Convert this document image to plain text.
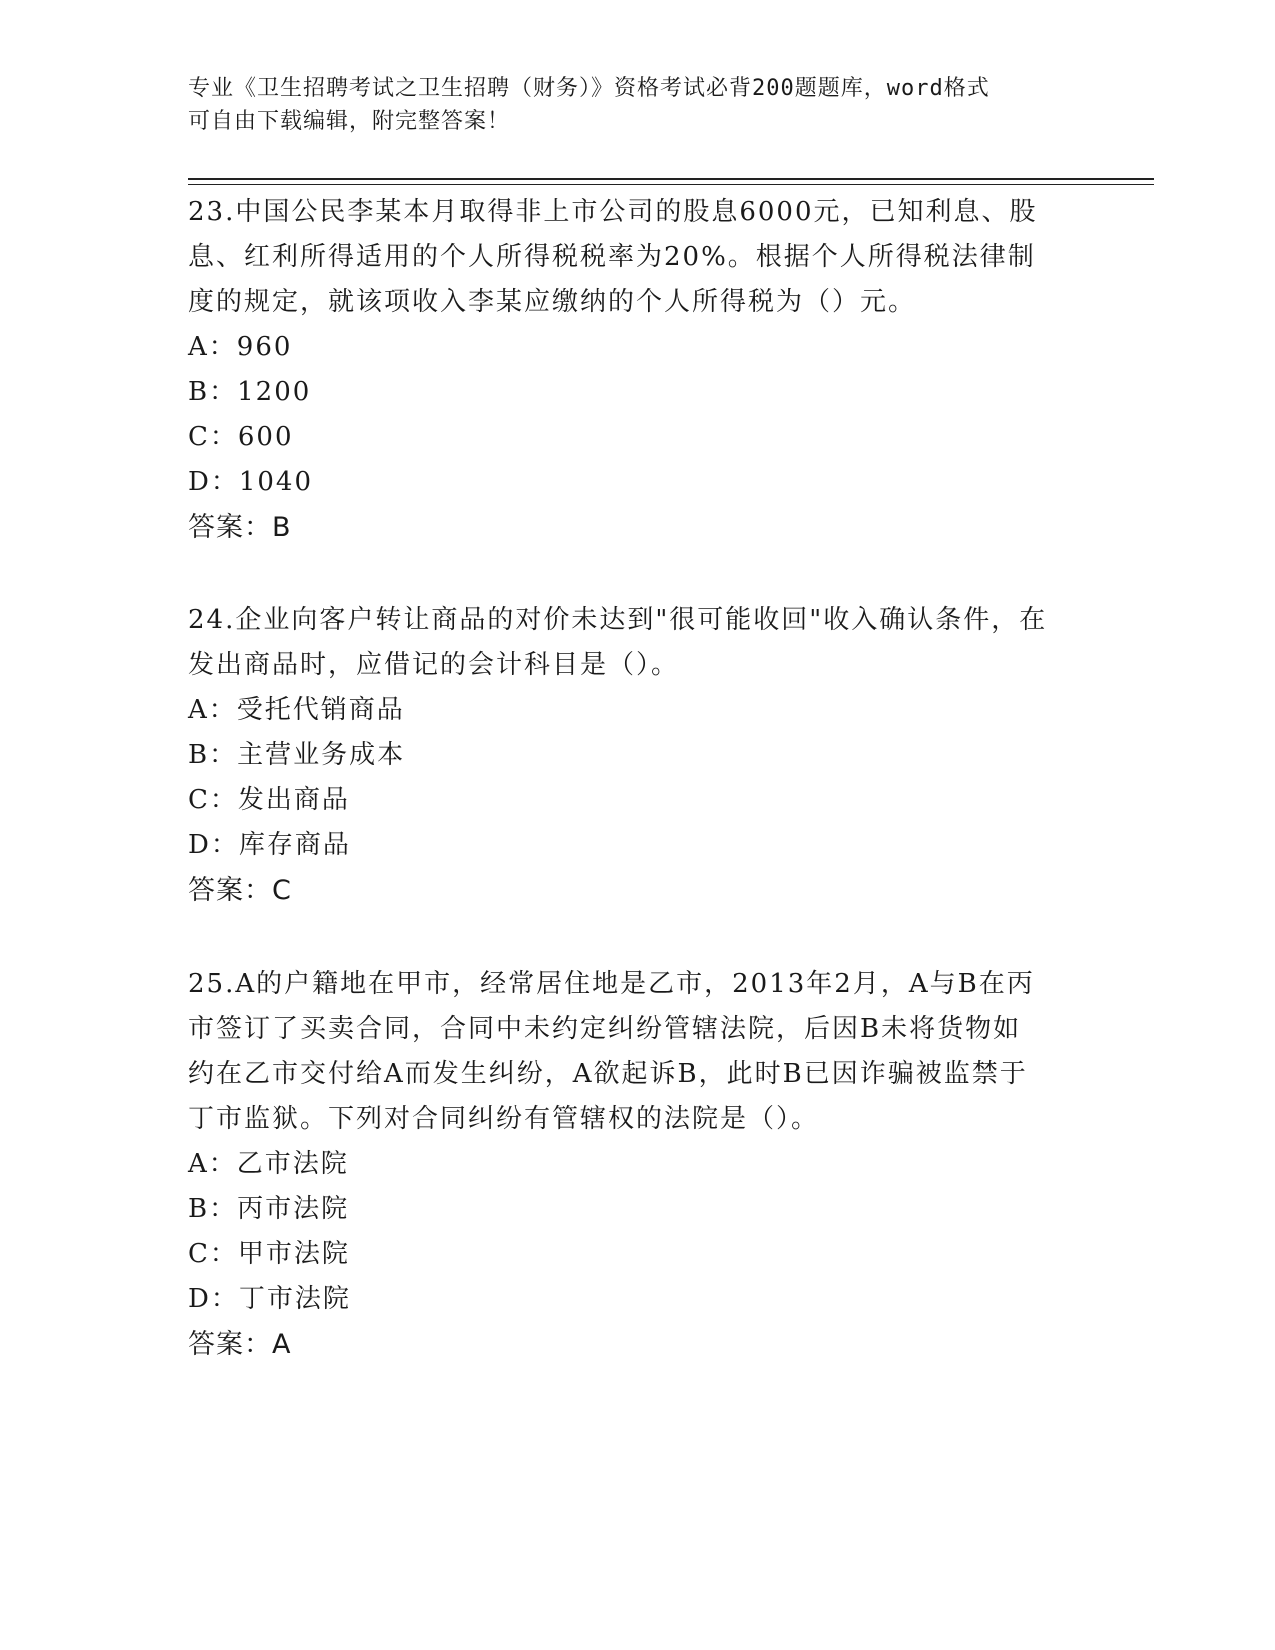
专业《卫生招聘考试之卫生招聘（财务）》资格考试必背200题题库，word格式
可自由下载编辑，附完整答案！
23.中国公民李某本月取得非上市公司的股息6000元，已知利息、股
息、红利所得适用的个人所得税税率为20%。根据个人所得税法律制
度的规定，就该项收入李某应缴纳的个人所得税为（）元。
A：960
B：1200
C：600
D：1040
答案：B
24.企业向客户转让商品的对价未达到"很可能收回"收入确认条件，在
发出商品时，应借记的会计科目是（）。
A：受托代销商品
B：主营业务成本
C：发出商品
D：库存商品
答案：C
25.A的户籍地在甲市，经常居住地是乙市，2013年2月，A与B在丙
市签订了买卖合同，合同中未约定纠纷管辖法院，后因B未将货物如
约在乙市交付给A而发生纠纷，A欲起诉B，此时B已因诈骗被监禁于
丁市监狱。下列对合同纠纷有管辖权的法院是（）。
A：乙市法院
B：丙市法院
C：甲市法院
D：丁市法院
答案：A
